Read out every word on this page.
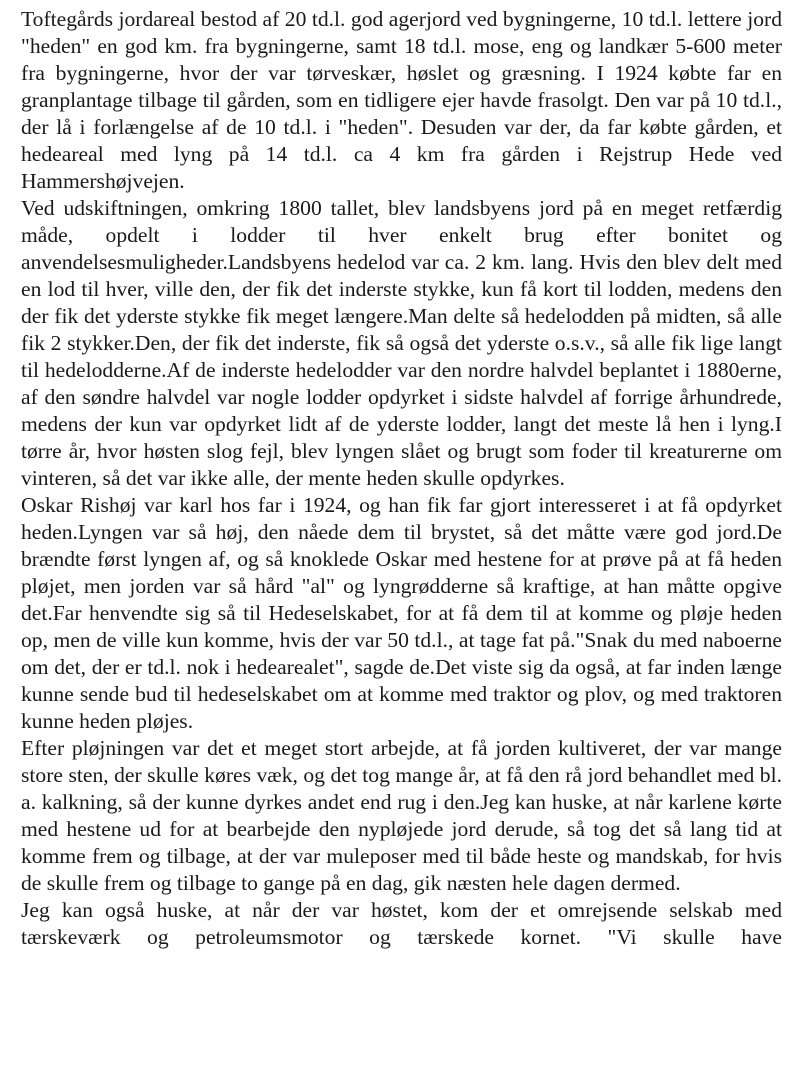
Toftegårds jordareal bestod af 20 td.l. god agerjord ved bygningerne, 10 td.l. lettere jord "heden" en god km. fra bygningerne, samt 18 td.l. mose, eng og landkær 5-600 meter fra bygningerne, hvor der var tørveskær, høslet og græsning. I 1924 købte far en granplantage tilbage til gården, som en tidligere ejer havde frasolgt. Den var på 10 td.l., der lå i forlængelse af de 10 td.l. i "heden". Desuden var der, da far købte gården, et hedeareal med lyng på 14 td.l. ca 4 km fra gården i Rejstrup Hede ved Hammershøjvejen.

Ved udskiftningen, omkring 1800 tallet, blev landsbyens jord på en meget retfærdig måde, opdelt i lodder til hver enkelt brug efter bonitet og anvendelsesmuligheder.Landsbyens hedelod var ca. 2 km. lang. Hvis den blev delt med en lod til hver, ville den, der fik det inderste stykke, kun få kort til lodden, medens den der fik det yderste stykke fik meget længere.Man delte så hedelodden på midten, så alle fik 2 stykker.Den, der fik det inderste, fik så også det yderste o.s.v., så alle fik lige langt til hedelodderne.Af de inderste hedelodder var den nordre halvdel beplantet i 1880erne, af den søndre halvdel var nogle lodder opdyrket i sidste halvdel af forrige århundrede, medens der kun var opdyrket lidt af de yderste lodder, langt det meste lå hen i lyng.I tørre år, hvor høsten slog fejl, blev lyngen slået og brugt som foder til kreaturerne om vinteren, så det var ikke alle, der mente heden skulle opdyrkes.

Oskar Rishøj var karl hos far i 1924, og han fik far gjort interesseret i at få opdyrket heden.Lyngen var så høj, den nåede dem til brystet, så det måtte være god jord.De brændte først lyngen af, og så knoklede Oskar med hestene for at prøve på at få heden pløjet, men jorden var så hård "al" og lyngrødderne så kraftige, at han måtte opgive det.Far henvendte sig så til Hedeselskabet, for at få dem til at komme og pløje heden op, men de ville kun komme, hvis der var 50 td.l., at tage fat på."Snak du med naboerne om det, der er td.l. nok i hedearealet", sagde de.Det viste sig da også, at far inden længe kunne sende bud til hedeselskabet om at komme med traktor og plov, og med traktoren kunne heden pløjes.

Efter pløjningen var det et meget stort arbejde, at få jorden kultiveret, der var mange store sten, der skulle køres væk, og det tog mange år, at få den rå jord behandlet med bl. a. kalkning, så der kunne dyrkes andet end rug i den.Jeg kan huske, at når karlene kørte med hestene ud for at bearbejde den nypløjede jord derude, så tog det så lang tid at komme frem og tilbage, at der var muleposer med til både heste og mandskab, for hvis de skulle frem og tilbage to gange på en dag, gik næsten hele dagen dermed.

Jeg kan også huske, at når der var høstet, kom der et omrejsende selskab med tærskeværk og petroleumsmotor og tærskede kornet. "Vi skulle have
